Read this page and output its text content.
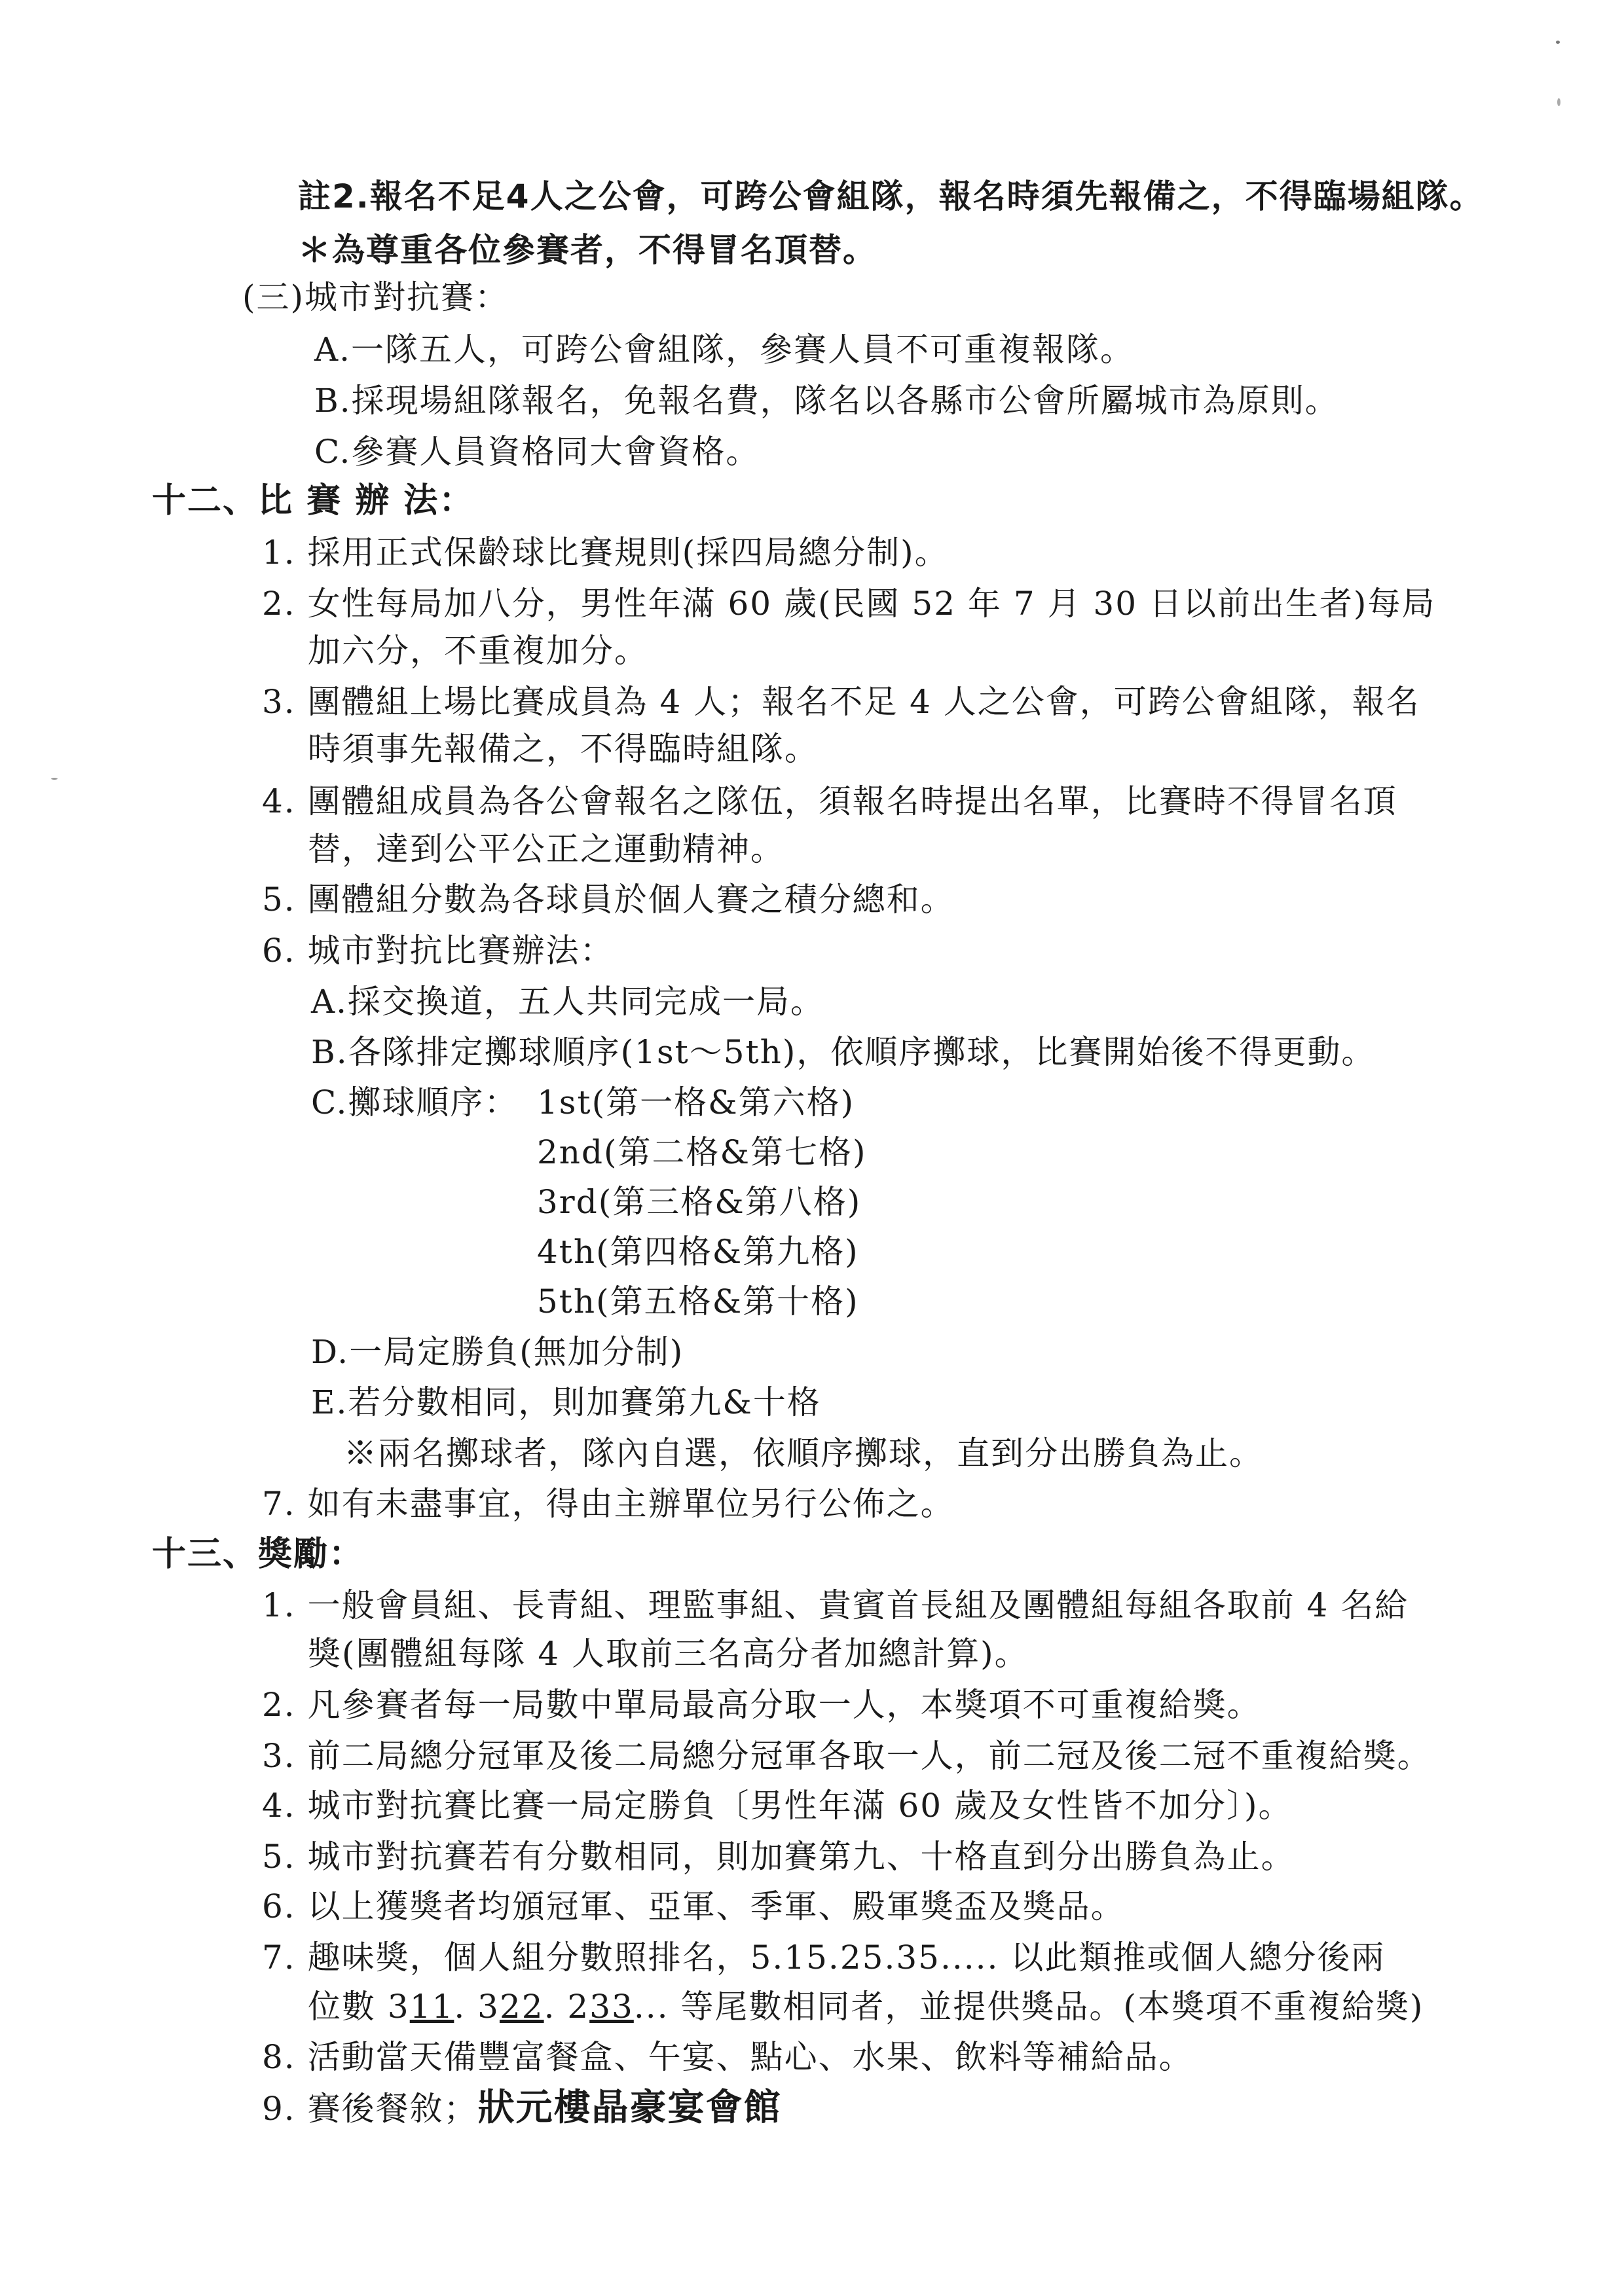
註2.報名不足4人之公會，可跨公會組隊，報名時須先報備之，不得臨場組隊。
＊為尊重各位參賽者，不得冒名頂替。
(三)城市對抗賽：
A.一隊五人，可跨公會組隊，參賽人員不可重複報隊。
B.採現場組隊報名，免報名費，隊名以各縣市公會所屬城市為原則。
C.參賽人員資格同大會資格。
十二、比 賽 辦 法：
1. 採用正式保齡球比賽規則(採四局總分制)。
2. 女性每局加八分，男性年滿 60 歲(民國 52 年 7 月 30 日以前出生者)每局
加六分，不重複加分。
3. 團體組上場比賽成員為 4 人；報名不足 4 人之公會，可跨公會組隊，報名
時須事先報備之，不得臨時組隊。
4. 團體組成員為各公會報名之隊伍，須報名時提出名單，比賽時不得冒名頂
替，達到公平公正之運動精神。
5. 團體組分數為各球員於個人賽之積分總和。
6. 城市對抗比賽辦法：
A.採交換道，五人共同完成一局。
B.各隊排定擲球順序(1st～5th)，依順序擲球，比賽開始後不得更動。
C.擲球順序： 1st(第一格&第六格)
2nd(第二格&第七格)
3rd(第三格&第八格)
4th(第四格&第九格)
5th(第五格&第十格)
D.一局定勝負(無加分制)
E.若分數相同，則加賽第九&十格
※兩名擲球者，隊內自選，依順序擲球，直到分出勝負為止。
7. 如有未盡事宜，得由主辦單位另行公佈之。
十三、獎勵：
1. 一般會員組、長青組、理監事組、貴賓首長組及團體組每組各取前 4 名給
獎(團體組每隊 4 人取前三名高分者加總計算)。
2. 凡參賽者每一局數中單局最高分取一人，本獎項不可重複給獎。
3. 前二局總分冠軍及後二局總分冠軍各取一人，前二冠及後二冠不重複給獎。
4. 城市對抗賽比賽一局定勝負〔男性年滿 60 歲及女性皆不加分〕)。
5. 城市對抗賽若有分數相同，則加賽第九、十格直到分出勝負為止。
6. 以上獲獎者均頒冠軍、亞軍、季軍、殿軍獎盃及獎品。
7. 趣味獎，個人組分數照排名，5.15.25.35..... 以此類推或個人總分後兩
位數 311. 322. 233... 等尾數相同者，並提供獎品。(本獎項不重複給獎)
8. 活動當天備豐富餐盒、午宴、點心、水果、飲料等補給品。
9. 賽後餐敘；狀元樓晶豪宴會館
